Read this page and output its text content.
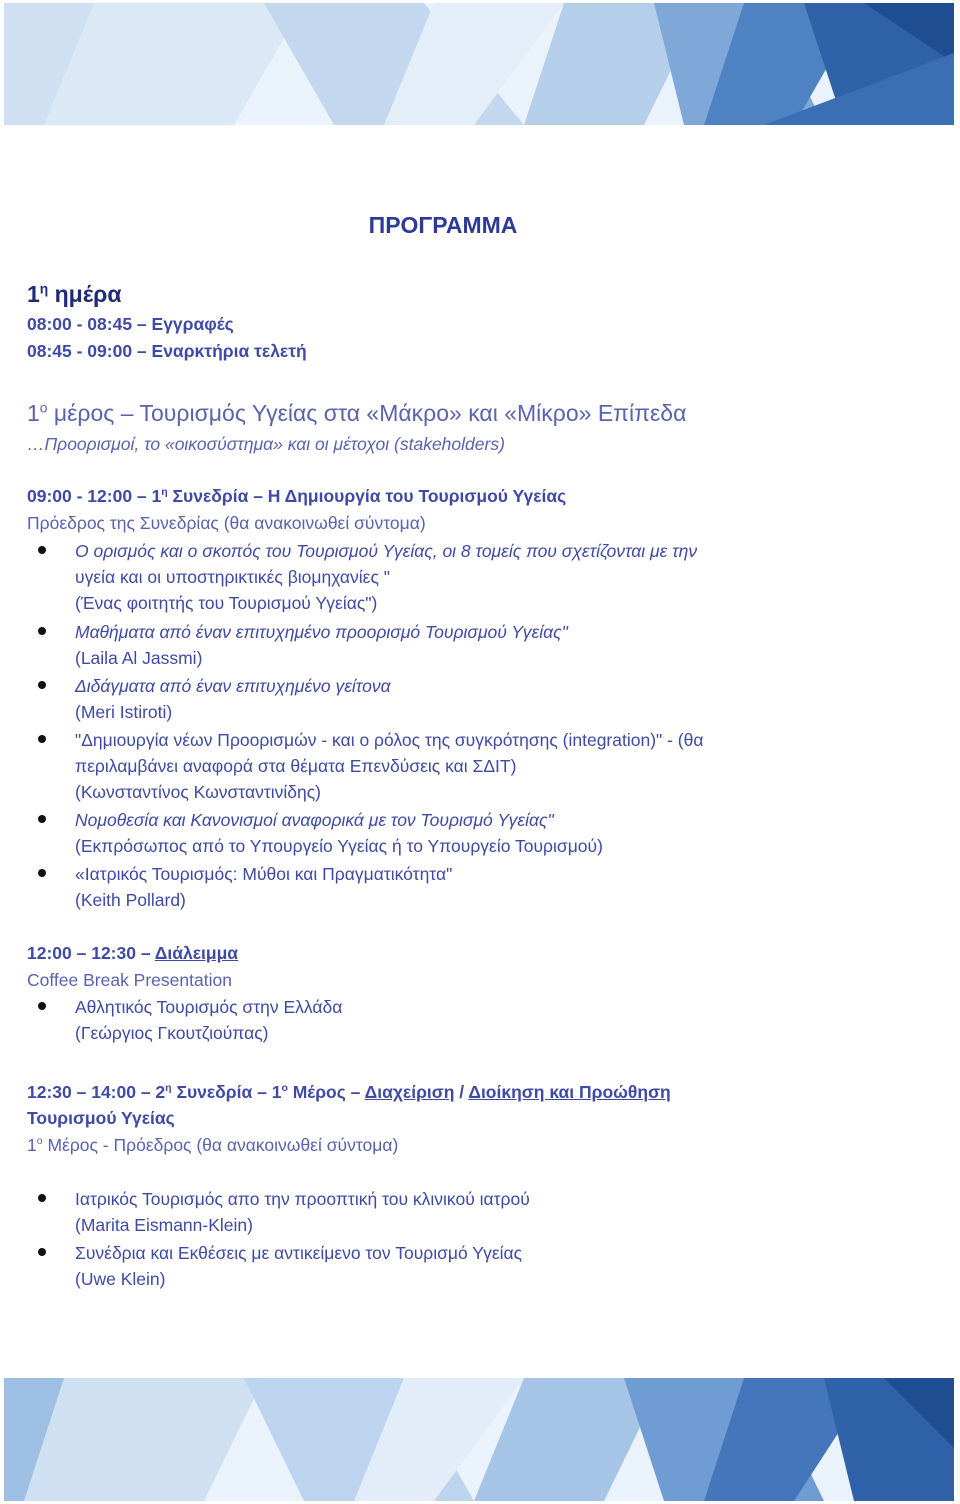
ΠΡΟΓΡΑΜΜΑ
$1^\eta$ ημέρα
08:00 - 08:45 – Εγγραφές
08:45 - 09:00 – Εναρκτήρια τελετή
$1^o$ μέρος – Τουρισμός Υγείας στα «Μάκρο» και «Μίκρο» Επίπεδα
…Προορισμοί, το «οικοσύστημα» και οι μέτοχοι (stakeholders)
09:00 - 12:00 – $1^\eta$ Συνεδρία – Η Δημιουργία του Τουρισμού Υγείας
Πρόεδρος της Συνεδρίας (θα ανακοινωθεί σύντομα)
Ο ορισμός και ο σκοπός του Τουρισμού Υγείας, οι 8 τομείς που σχετίζονται με την
υγεία και οι υποστηρικτικές βιομηχανίες "
(Ένας φοιτητής του Τουρισμού Υγείας")
Μαθήματα από έναν επιτυχημένο προορισμό Τουρισμού Υγείας"
(Laila Al Jassmi)
Διδάγματα από έναν επιτυχημένο γείτονα
(Meri Istiroti)
"Δημιουργία νέων Προορισμών - και ο ρόλος της συγκρότησης (integration)" - (θα
περιλαμβάνει αναφορά στα θέματα Επενδύσεις και ΣΔΙΤ)
(Κωνσταντίνος Κωνσταντινίδης)
Νομοθεσία και Κανονισμοί αναφορικά με τον Τουρισμό Υγείας"
(Εκπρόσωπος από το Υπουργείο Υγείας ή το Υπουργείο Τουρισμού)
«Ιατρικός Τουρισμός: Μύθοι και Πραγματικότητα"
(Keith Pollard)
12:00 – 12:30 – Διάλειμμα
Coffee Break Presentation
Αθλητικός Τουρισμός στην Ελλάδα
(Γεώργιος Γκουτζιούπας)
12:30 – 14:00 – $2^\eta$ Συνεδρία – $1^o$ Μέρος – Διαχείριση / Διοίκηση και Προώθηση
Τουρισμού Υγείας
$1^o$ Μέρος - Πρόεδρος (θα ανακοινωθεί σύντομα)
Ιατρικός Τουρισμός απο την προοπτική του κλινικού ιατρού
(Marita Eismann-Klein)
Συνέδρια και Εκθέσεις με αντικείμενο τον Τουρισμό Υγείας
(Uwe Klein)
